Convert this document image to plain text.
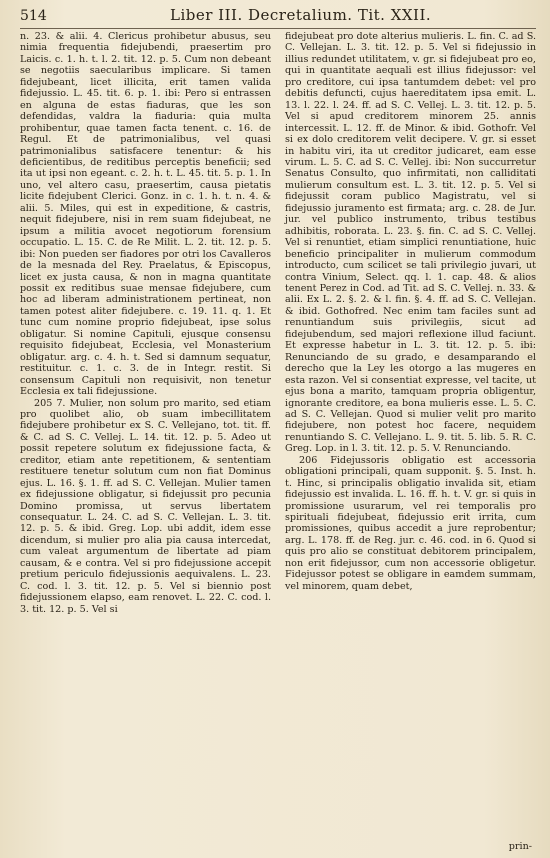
514	Liber III. Decretalium. Tit. XXII.

n. 23. & alii. 4. Clericus prohibetur abusus, seu nimia frequentia fidejubendi, praesertim pro Laicis. c. 1. h. t. l. 2. tit. 12. p. 5. Cum non debeant se negotiis saecularibus implicare. Si tamen fidejubeant, licet illicita, erit tamen valida fidejussio. L. 45. tit. 6. p. 1. ibi: Pero si entrassen en alguna de estas fiaduras, que les son defendidas, valdra la fiaduria: quia multa prohibentur, quae tamen facta tenent. c. 16. de Regul. Et de patrimonialibus, vel quasi patrimonialibus satisfacere tenentur: & his deficientibus, de reditibus perceptis beneficii; sed ita ut ipsi non egeant. c. 2. h. t. L. 45. tit. 5. p. 1. In uno, vel altero casu, praesertim, causa pietatis licite fidejubent Clerici. Gonz. in c. 1. h. t. n. 4. & alii. 5. Miles, qui est in expeditione, & castris, nequit fidejubere, nisi in rem suam fidejubeat, ne ipsum a militia avocet negotiorum forensium occupatio. L. 15. C. de Re Milit. L. 2. tit. 12. p. 5. ibi: Non pueden ser fiadores por otri los Cavalleros de la mesnada del Rey. Praelatus, & Episcopus, licet ex justa causa, & non in magna quantitate possit ex reditibus suae mensae fidejubere, cum hoc ad liberam administrationem pertineat, non tamen potest aliter fidejubere. c. 19. 11. q. 1. Et tunc cum nomine proprio fidejubeat, ipse solus obligatur. Si nomine Capituli, ejusque consensu requisito fidejubeat, Ecclesia, vel Monasterium obligatur. arg. c. 4. h. t. Sed si damnum sequatur, restituitur. c. 1. c. 3. de in Integr. restit. Si consensum Capituli non requisivit, non tenetur Ecclesia ex tali fidejussione.

205 7. Mulier, non solum pro marito, sed etiam pro quolibet alio, ob suam imbecillitatem fidejubere prohibetur ex S. C. Vellejano, tot. tit. ff. & C. ad S. C. Vellej. L. 14. tit. 12. p. 5. Adeo ut possit repetere solutum ex fidejussione facta, & creditor, etiam ante repetitionem, & sententiam restituere tenetur solutum cum non fiat Dominus ejus. L. 16. §. 1. ff. ad S. C. Vellejan. Mulier tamen ex fidejussione obligatur, si fidejussit pro pecunia Domino promissa, ut servus libertatem consequatur. L. 24. C. ad S. C. Vellejan. L. 3. tit. 12. p. 5. & ibid. Greg. Lop. ubi addit, idem esse dicendum, si mulier pro alia pia causa intercedat, cum valeat argumentum de libertate ad piam causam, & e contra. Vel si pro fidejussione accepit pretium periculo fidejussionis aequivalens. L. 23. C. cod. l. 3. tit. 12. p. 5. Vel si biennio post fidejussionem elapso, eam renovet. L. 22. C. cod. l. 3. tit. 12. p. 5. Vel si

fidejubeat pro dote alterius mulieris. L. fin. C. ad S. C. Vellejan. L. 3. tit. 12. p. 5. Vel si fidejussio in illius redundet utilitatem, v. gr. si fidejubeat pro eo, qui in quantitate aequali est illius fidejussor: vel pro creditore, cui ipsa tantumdem debet: vel pro debitis defuncti, cujus haereditatem ipsa emit. L. 13. l. 22. l. 24. ff. ad S. C. Vellej. L. 3. tit. 12. p. 5. Vel si apud creditorem minorem 25. annis intercessit. L. 12. ff. de Minor. & ibid. Gothofr. Vel si ex dolo creditorem velit decipere. V. gr. si esset in habitu viri, ita ut creditor judicaret, eam esse virum. L. 5. C. ad S. C. Vellej. ibi: Non succurretur Senatus Consulto, quo infirmitati, non calliditati mulierum consultum est. L. 3. tit. 12. p. 5. Vel si fidejussit coram publico Magistratu, vel si fidejussio juramento est firmata; arg. c. 28. de Jur. jur. vel publico instrumento, tribus testibus adhibitis, roborata. L. 23. §. fin. C. ad S. C. Vellej. Vel si renuntiet, etiam simplici renuntiatione, huic beneficio principaliter in mulierum commodum introducto, cum scilicet se tali privilegio juvari, ut contra Vinium, Select. qq. l. 1. cap. 48. & alios tenent Perez in Cod. ad Tit. ad S. C. Vellej. n. 33. & alii. Ex L. 2. §. 2. & l. fin. §. 4. ff. ad S. C. Vellejan. & ibid. Gothofred. Nec enim tam faciles sunt ad renuntiandum suis privilegiis, sicut ad fidejubendum, sed majori reflexione illud faciunt. Et expresse habetur in L. 3. tit. 12. p. 5. ibi: Renunciando de su grado, e desamparando el derecho que la Ley les otorgo a las mugeres en esta razon. Vel si consentiat expresse, vel tacite, ut ejus bona a marito, tamquam propria obligentur, ignorante creditore, ea bona mulieris esse. L. 5. C. ad S. C. Vellejan. Quod si mulier velit pro marito fidejubere, non potest hoc facere, nequidem renuntiando S. C. Vellejano. L. 9. tit. 5. lib. 5. R. C. Greg. Lop. in l. 3. tit. 12. p. 5. V. Renunciando.

206 Fidejussoris obligatio est accessoria obligationi principali, quam supponit. §. 5. Inst. h. t. Hinc, si principalis obligatio invalida sit, etiam fidejussio est invalida. L. 16. ff. h. t. V. gr. si quis in promissione usurarum, vel rei temporalis pro spirituali fidejubeat, fidejussio erit irrita, cum promissiones, quibus accedit a jure reprobentur; arg. L. 178. ff. de Reg. jur. c. 46. cod. in 6. Quod si quis pro alio se constituat debitorem principalem, non erit fidejussor, cum non accessorie obligetur. Fidejussor potest se obligare in eamdem summam, vel minorem, quam debet,

prin-
